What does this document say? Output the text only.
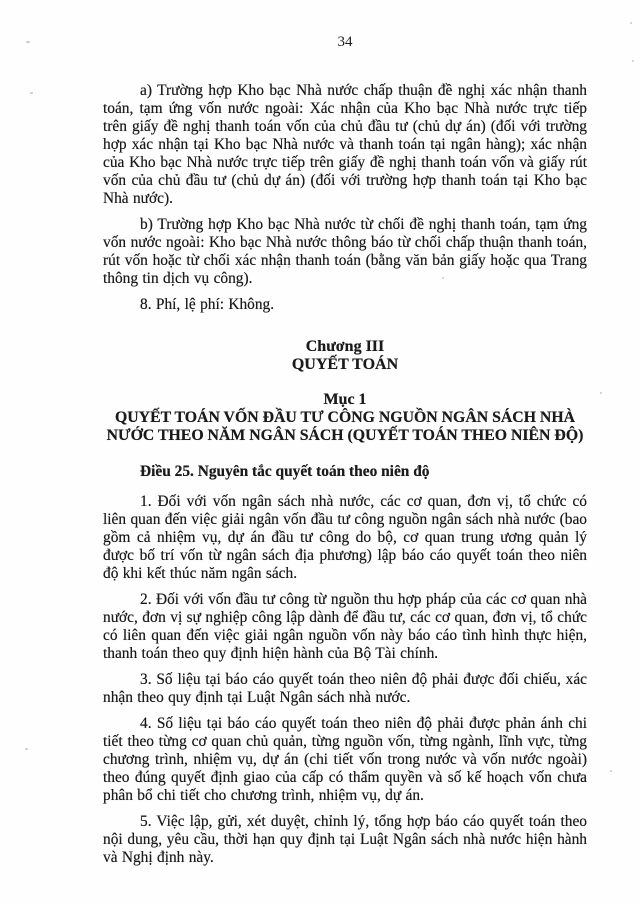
34

a) Trường hợp Kho bạc Nhà nước chấp thuận đề nghị xác nhận thanh toán, tạm ứng vốn nước ngoài: Xác nhận của Kho bạc Nhà nước trực tiếp trên giấy đề nghị thanh toán vốn của chủ đầu tư (chủ dự án) (đối với trường hợp xác nhận tại Kho bạc Nhà nước và thanh toán tại ngân hàng); xác nhận của Kho bạc Nhà nước trực tiếp trên giấy đề nghị thanh toán vốn và giấy rút vốn của chủ đầu tư (chủ dự án) (đối với trường hợp thanh toán tại Kho bạc Nhà nước).

b) Trường hợp Kho bạc Nhà nước từ chối đề nghị thanh toán, tạm ứng vốn nước ngoài: Kho bạc Nhà nước thông báo từ chối chấp thuận thanh toán, rút vốn hoặc từ chối xác nhận thanh toán (bằng văn bản giấy hoặc qua Trang thông tin dịch vụ công).

8. Phí, lệ phí: Không.

Chương III
QUYẾT TOÁN
Mục 1
QUYẾT TOÁN VỐN ĐẦU TƯ CÔNG NGUỒN NGÂN SÁCH NHÀ NƯỚC THEO NĂM NGÂN SÁCH (QUYẾT TOÁN THEO NIÊN ĐỘ)

Điều 25. Nguyên tắc quyết toán theo niên độ

1. Đối với vốn ngân sách nhà nước, các cơ quan, đơn vị, tổ chức có liên quan đến việc giải ngân vốn đầu tư công nguồn ngân sách nhà nước (bao gồm cả nhiệm vụ, dự án đầu tư công do bộ, cơ quan trung ương quản lý được bố trí vốn từ ngân sách địa phương) lập báo cáo quyết toán theo niên độ khi kết thúc năm ngân sách.

2. Đối với vốn đầu tư công từ nguồn thu hợp pháp của các cơ quan nhà nước, đơn vị sự nghiệp công lập dành để đầu tư, các cơ quan, đơn vị, tổ chức có liên quan đến việc giải ngân nguồn vốn này báo cáo tình hình thực hiện, thanh toán theo quy định hiện hành của Bộ Tài chính.

3. Số liệu tại báo cáo quyết toán theo niên độ phải được đối chiếu, xác nhận theo quy định tại Luật Ngân sách nhà nước.

4. Số liệu tại báo cáo quyết toán theo niên độ phải được phản ánh chi tiết theo từng cơ quan chủ quản, từng nguồn vốn, từng ngành, lĩnh vực, từng chương trình, nhiệm vụ, dự án (chi tiết vốn trong nước và vốn nước ngoài) theo đúng quyết định giao của cấp có thẩm quyền và số kế hoạch vốn chưa phân bổ chi tiết cho chương trình, nhiệm vụ, dự án.

5. Việc lập, gửi, xét duyệt, chỉnh lý, tổng hợp báo cáo quyết toán theo nội dung, yêu cầu, thời hạn quy định tại Luật Ngân sách nhà nước hiện hành và Nghị định này.
